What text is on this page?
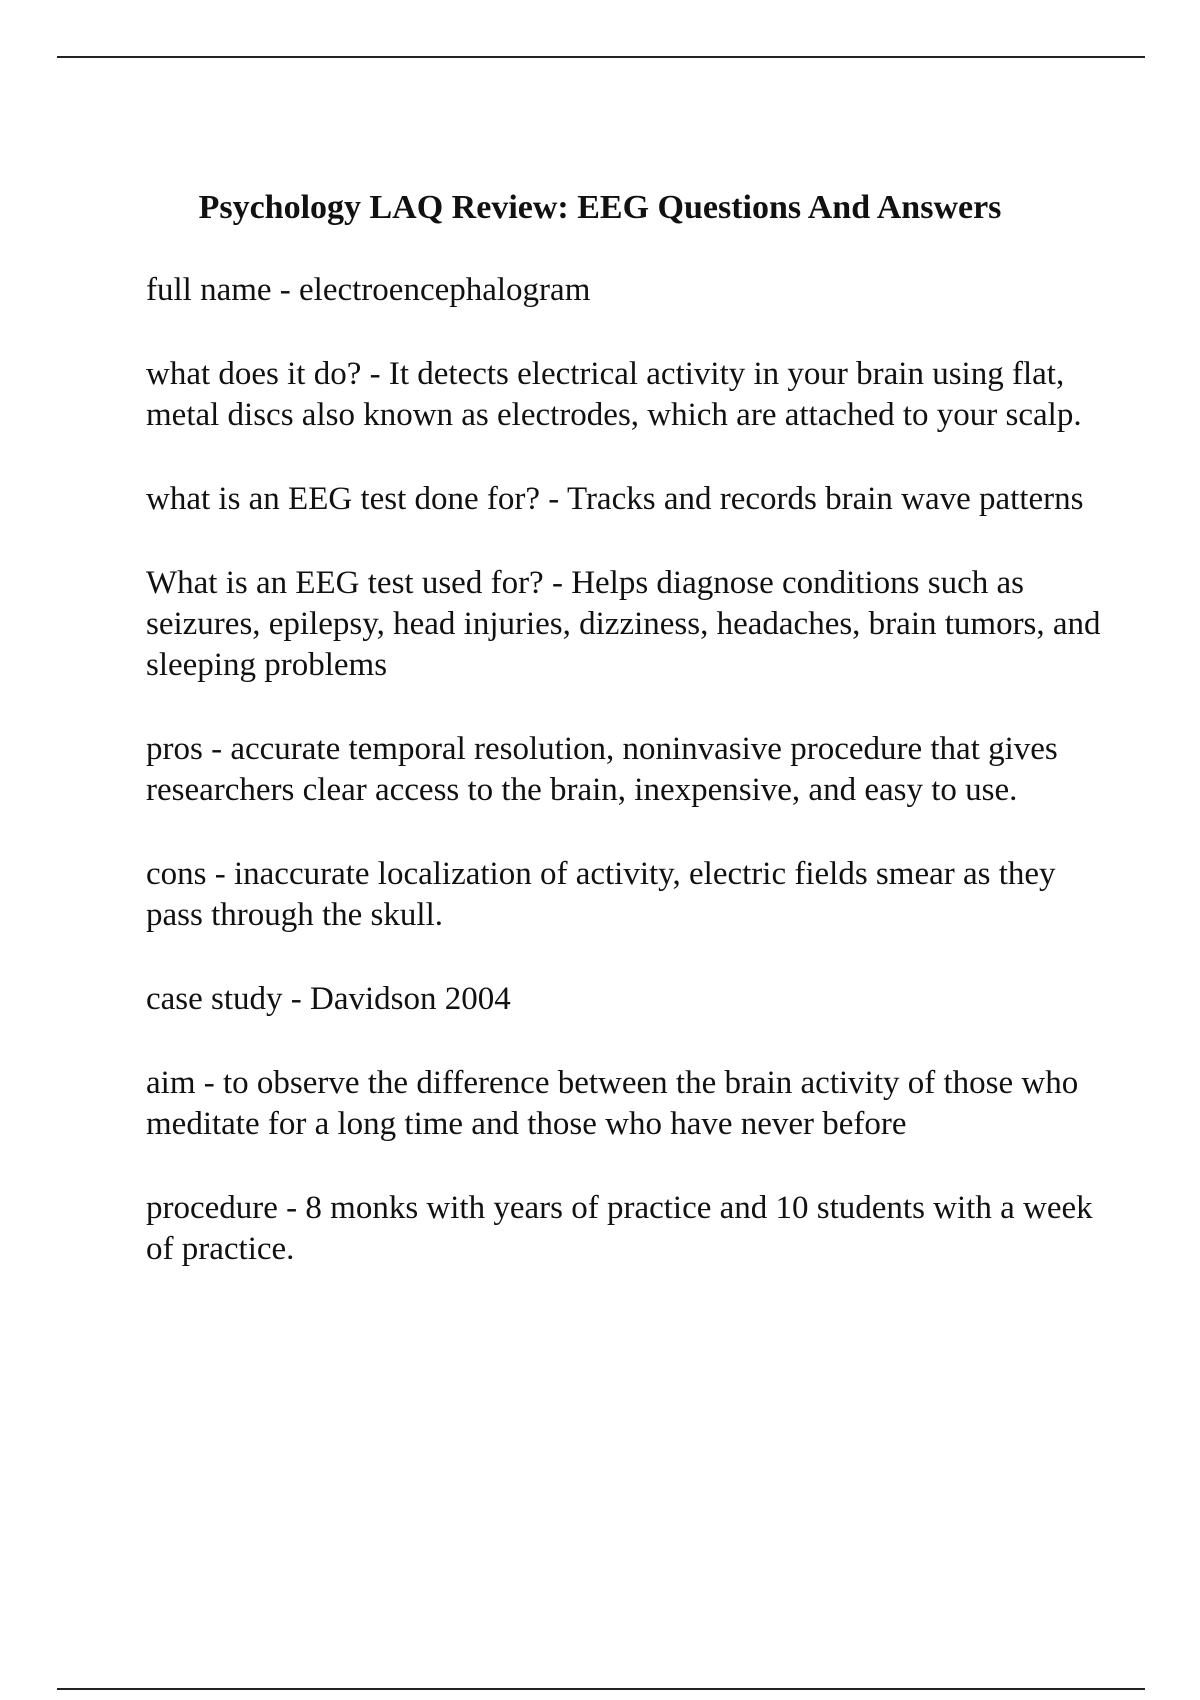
Psychology LAQ Review: EEG Questions And Answers
full name - electroencephalogram
what does it do? - It detects electrical activity in your brain using flat, metal discs also known as electrodes, which are attached to your scalp.
what is an EEG test done for? - Tracks and records brain wave patterns
What is an EEG test used for? - Helps diagnose conditions such as seizures, epilepsy, head injuries, dizziness, headaches, brain tumors, and sleeping problems
pros - accurate temporal resolution, noninvasive procedure that gives researchers clear access to the brain, inexpensive, and easy to use.
cons - inaccurate localization of activity, electric fields smear as they pass through the skull.
case study - Davidson 2004
aim - to observe the difference between the brain activity of those who meditate for a long time and those who have never before
procedure - 8 monks with years of practice and 10 students with a week of practice.
